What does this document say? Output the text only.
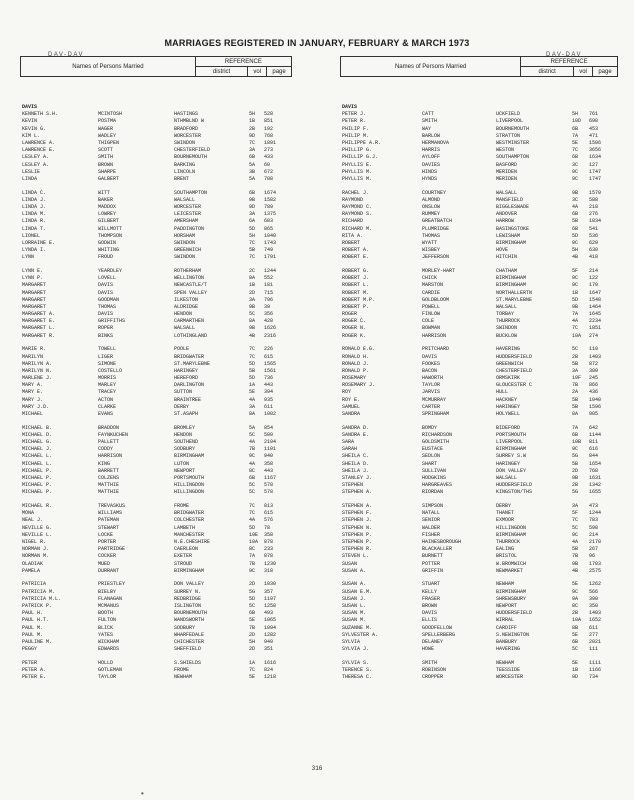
MARRIAGES REGISTERED IN JANUARY, FEBRUARY & MARCH 1973
DAV-DAV	DAV-DAV
Names of Persons Married	REFERENCE		
	district	vol	page
Names of Persons Married	REFERENCE		
	district	vol	page
DAVIS
KENNETH S.H.	MCINTOSH	HASTINGS	5H	528
KEVIN	POSTMA	NTHMBLND W	1B	851
KEVIN G.	WAGER	BRADFORD	2B	192
KIM L.	WADLEY	WORCESTER	9D	768
LAWRENCE A.	THIGPEN	SWINDON	7C	1891
LAWRENCE E.	SCOTT	CHESTERFIELD	3A	273
LESLEY A.	SMITH	BOURNEMOUTH	6B	433
LESLEY A.	BROWN	BARKING	5A	60
LESLIE	SHARPE	LINCOLN	3B	672
LINDA	GALBERT	BRENT	5A	708
LINDA C.	WITT	SOUTHAMPTON	6B	1674
LINDA J.	BAKER	WALSALL	9B	1582
LINDA J.	MADDOX	WORCESTER	9D	789
LINDA M.	LOWREY	LEICESTER	3A	1375
LINDA R.	GILBERT	AMERSHAM	6A	683
LINDA T.	WILLMOTT	PADDINGTON	5D	865
LIONEL	THOMPSON	HORSHAM	5H	1040
LORRAINE E.	GODWIN	SWINDON	7C	1743
LYNDA I.	WHITING	GREENWICH	5B	749
LYNN	FROUD	SWINDON	7C	1791
LYNN E.	YEARDLEY	ROTHERHAM	2C	1244
LYNN P.	LOVELL	WELLINGTON	9A	552
MARGARET	DAVIS	NEWCASTLE/T	1B	181
MARGARET	DAVIS	SPEN VALLEY	2D	715
MARGARET	GOODMAN	ILKESTON	3A	796
MARGARET	THOMAS	ALDRIDGE	9B	39
MARGARET A.	DAVIS	HENDON	5C	356
MARGARET E.	GRIFFITHS	CARMARTHEN	8A	428
MARGARET L.	ROPER	WALSALL	9B	1626
MARGARET R.	BINKS	LOTHINGLAND	4B	2316
MARIE R.	TOWELL	POOLE	7C	226
MARILYN	LIGER	BRIDGWATER	7C	615
MARILYN A.	SIMONE	ST.MARYLEBNE	5D	1565
MARILYN N.	COSTELLO	HARINGEY	5B	1561
MARLENE J.	MORRIS	HEREFORD	5D	736
MARY A.	MARLEY	DARLINGTON	1A	443
MARY E.	TRACEY	SUTTON	5E	394
MARY J.	ACTON	BRAINTREE	4A	935
MARY J.D.	CLARKE	DERBY	3A	611
MICHAEL	EVANS	ST.ASAPH	8A	1002
MICHAEL B.	BRADDON	BROMLEY	5A	854
MICHAEL D.	FAYNKUCHEN	HENDON	5C	500
MICHAEL G.	PALLETT	SOUTHEND	4A	2104
MICHAEL J.	CODDY	SODBURY	7B	1101
MICHAEL L.	HARRISON	BIRMINGHAM	9C	940
MICHAEL L.	KING	LUTON	4A	358
MICHAEL P.	BARRETT	NEWPORT	8C	443
MICHAEL P.	COLZENS	PORTSMOUTH	6B	1167
MICHAEL P.	MATTHIE	HILLINGDON	5C	578
MICHAEL P.	MATTHIE	HILLINGDON	5C	578
MICHAEL R.	TREVASKUS	FROME	7C	813
MONA	WILLIAMS	BRIDGWATER	7C	615
NEAL J.	PATEMAN	COLCHESTER	4A	576
NEVILLE G.	STEWART	LAMBETH	5D	78
NEVILLE L.	LOCKE	MANCHESTER	10E	358
NIGEL R.	PORTER	N.E.CHESHIRE	10A	878
NORMAN J.	PARTRIDGE	CAERLEON	8C	233
NORMAN M.	COCKER	EXETER	7A	878
OLADIAK	MUED	STROUD	7B	1230
PAMELA	DURRANT	BIRMINGHAM	9C	318
PATRICIA	PRIESTLEY	DON VALLEY	2D	1030
PATRICIA M.	BIELBY	SURREY N.	5G	357
PATRICIA M.L.	FLANAGAN	REDBRIDGE	5D	1197
PATRICK P.	MCMANUS	ISLINGTON	5C	1258
PAUL H.	BOOTH	BOURNEMOUTH	6B	493
PAUL H.T.	FULTON	WANDSWORTH	5E	1065
PAUL M.	BLICK	SODBURY	7B	1094
PAUL M.	YATES	WHARFEDALE	2D	1282
PAULINE M.	WICKHAM	CHICHESTER	5H	949
PEGGY	EDWARDS	SHEFFIELD	2D	351
PETER	HOLLD	S.SHIELDS	1A	1616
PETER A.	GOTLEMAN	FROME	7C	824
PETER E.	TAYLOR	NEWHAM	5E	1218
DAVIS
PETER J.	CATT	UCKFIELD	5H	761
PETER R.	SMITH	LIVERPOOL	10D	698
PHILIP F.	WAY	BOURNEMOUTH	6B	453
PHILIP M.	BARLOW	STRATTON	7A	471
PHILIPPE A.R.	HERMANOVA	WESTMINSTER	5E	1506
PHILLIP G.	HARRIS	WESTON	7C	3656
PHILLIP G.J.	AYLOFF	SOUTHAMPTON	6B	1634
PHYLLIS E.	DAVIES	BASFORD	3C	127
PHYLLIS M.	HINDS	MERIDEN	9C	1747
PHYLLIS M.	HYNDS	MERIDEN	9C	1747
RACHEL J.	COURTNEY	WALSALL	9B	1570
RAYMOND	ALMOND	MANSFIELD	3C	588
RAYMOND C.	ONSLOW	BIGGLESWADE	4A	218
RAYMOND S.	RUMMEY	ANDOVER	6B	276
RICHARD	GREATBATCH	HARROW	5B	1834
RICHARD M.	PLUMRIDGE	BASINGSTOKE	6B	541
RITA A.	THOMAS	LEWISHAM	5D	536
ROBERT	WYATT	BIRMINGHAM	9C	629
ROBERT A.	WISBEY	HOVE	5H	630
ROBERT E.	JEFFERSON	HITCHIN	4B	418
ROBERT G.	MORLEY-HART	CHATHAM	5F	214
ROBERT J.	CHICK	BIRMINGHAM	9C	122
ROBERT L.	MARSTON	BIRMINGHAM	9C	170
ROBERT M.	CARDIE	NORTHALLERTN	1B	1647
ROBERT M.P.	GOLDBLOOM	ST.MARYLEBNE	5D	1548
ROBERT P.	POWELL	WALSALL	9B	1464
ROGER	FINLOW	TORBAY	7A	1645
ROGER C.	COLE	THURROCK	4A	2234
ROGER N.	BOWMAN	SWINDON	7C	1851
ROGER K.	HARRISON	BUCKLOW	10A	274
RONALD E.G.	PRITCHARD	HAVERING	5C	110
RONALD H.	DAVIS	HUDDERSFIELD	2B	1403
RONALD J.	FOOKES	GREENWICH	5B	872
RONALD P.	BACON	CHESTERFIELD	3A	309
ROSEMARY	HAWORTH	ORMSKIRK	10F	245
ROSEMARY J.	TAYLOR	GLOUCESTER C	7B	866
ROY	JARVIS	HULL	2A	436
ROY E.	MCMURRAY	HACKNEY	5B	1040
SAMUEL	CARTER	HARINGEY	5B	1596
SANDRA	SPRINGHAM	HOLYWELL	8A	905
SANDRA D.	BOMDY	BIDEFORD	7A	642
SANDRA E.	RICHARDSON	PORTSMOUTH	6B	1144
SARA	GOLDSMITH	LIVERPOOL	10B	811
SARAH	EUSTACE	BIRMINGHAM	9C	616
SHEILA C.	SEDLON	SURREY S.W	5G	844
SHEILA D.	SHART	HARINGEY	5B	1654
SHEILA J.	SULLIVAN	DON VALLEY	2D	768
STANLEY J.	HODGKINS	WALSALL	9B	1631
STEPHEN	HARGREAVES	HUDDERSFIELD	2B	1342
STEPHEN A.	RIORDAN	KINGSTON/THS	5G	1655
STEPHEN A.	SIMPSON	DERBY	3A	473
STEPHEN F.	NATALL	THANET	5F	1244
STEPHEN J.	SENIOR	EXMOOR	7C	783
STEPHEN N.	WALDER	HILLINGDON	5C	598
STEPHEN P.	FISHER	BIRMINGHAM	9C	214
STEPHEN P.	HAINESBOROUGH	THURROCK	4A	2170
STEPHEN R.	BLACKALLER	EALING	5B	267
STEVEN L.	BURNETT	BRISTOL	7B	96
SUSAN	POTTER	W.BROMWICH	9B	1703
SUSAN A.	GRIFFIN	NEWMARKET	4B	2575
SUSAN A.	STUART	NEWHAM	5E	1262
SUSAN E.M.	KELLY	BIRMINGHAM	9C	566
SUSAN J.	FRASER	SHREWSBURY	9A	390
SUSAN L.	BROWN	NEWPORT	8C	350
SUSAN M.	DAVIS	HUDDERSFIELD	2B	1403
SUSAN M.	ELLIS	WIRRAL	10A	1652
SUZANNE M.	GOODFELLOW	CARDIFF	8B	611
SYLVESTER A.	SPELLERBERG	S.NEWINGTON	5E	277
SYLVIA	DELANEY	BANBURY	6B	2021
SYLVIA J.	HOWE	HAVERING	5C	111
SYLVIA S.	SMITH	NEWHAM	5E	1111
TERENCE S.	ROBINSON	TEESSIDE	1B	1166
THERESA C.	CROPPER	WORCESTER	9D	734
316
•
